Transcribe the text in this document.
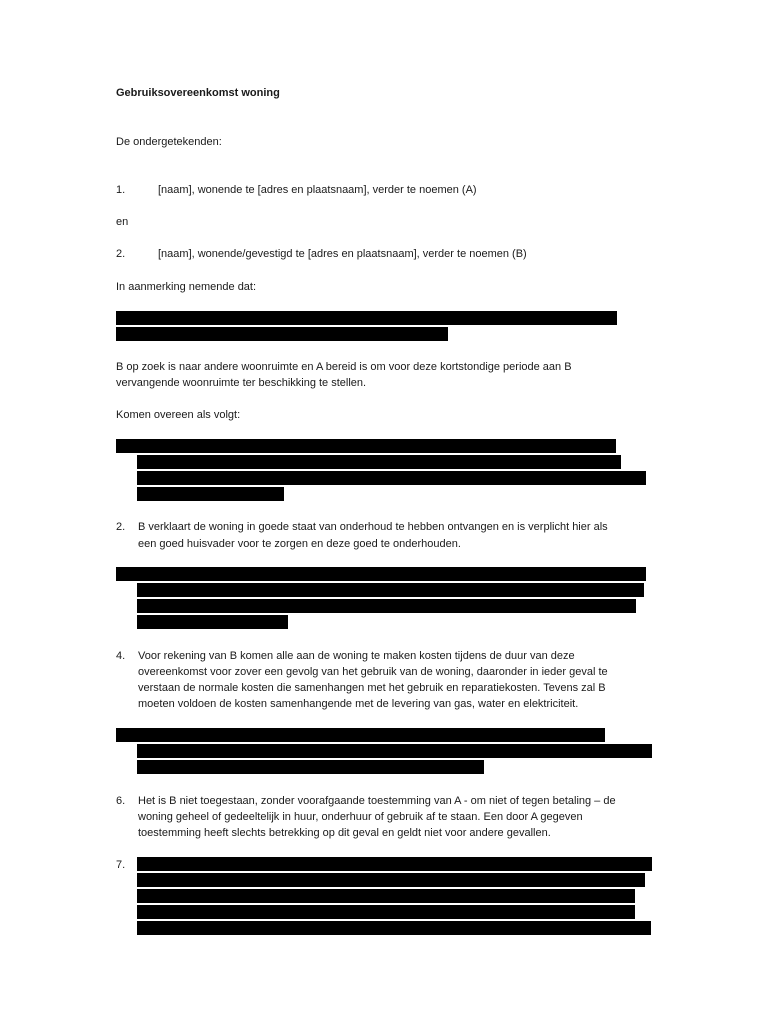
Gebruiksovereenkomst woning
De ondergetekenden:
1.	[naam], wonende te [adres en plaatsnaam], verder te noemen (A)
en
2.	[naam], wonende/gevestigd te [adres en plaatsnaam], verder te noemen (B)
In aanmerking nemende dat:
B op zoek is naar andere woonruimte en A bereid is om voor deze kortstondige periode aan B
vervangende woonruimte ter beschikking te stellen.
Komen overeen als volgt:
2. B verklaart de woning in goede staat van onderhoud te hebben ontvangen en is verplicht hier als
een goed huisvader voor te zorgen en deze goed te onderhouden.
4. Voor rekening van B komen alle aan de woning te maken kosten tijdens de duur van deze
overeenkomst voor zover een gevolg van het gebruik van de woning, daaronder in ieder geval te
verstaan de normale kosten die samenhangen met het gebruik en reparatiekosten. Tevens zal B
moeten voldoen de kosten samenhangende met de levering van gas, water en elektriciteit.
6. Het is B niet toegestaan, zonder voorafgaande toestemming van A - om niet of tegen betaling – de
woning geheel of gedeeltelijk in huur, onderhuur of gebruik af te staan. Een door A gegeven
toestemming heeft slechts betrekking op dit geval en geldt niet voor andere gevallen.
7.
